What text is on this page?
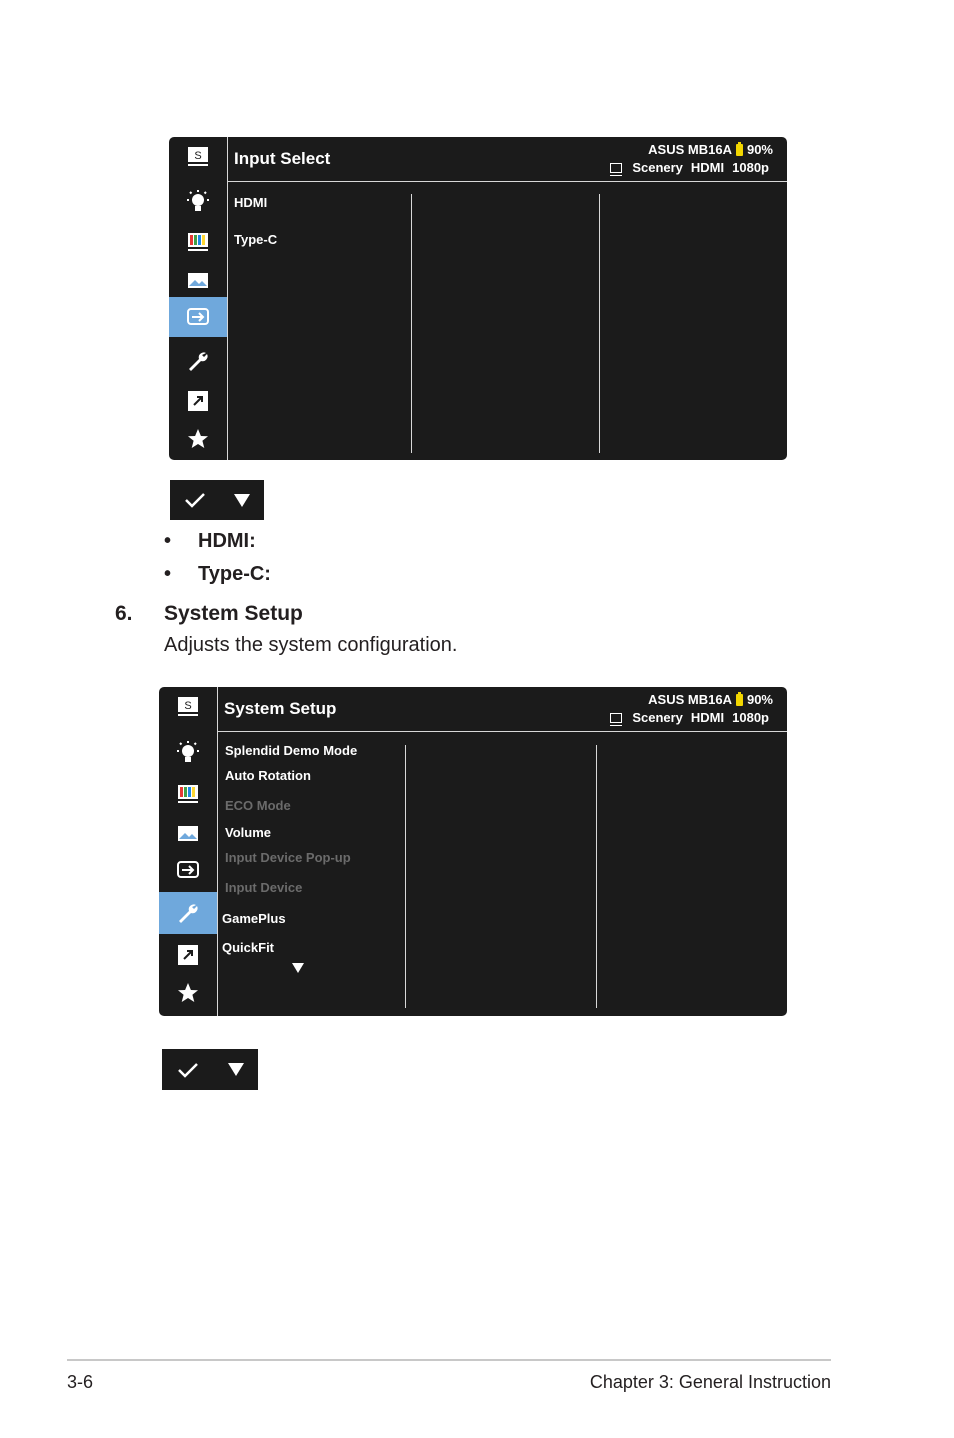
S Input Select	ASUS MB16A 90%
Scenery HDMI 1080p
HDMI
Type-C
• HDMI:
• Type-C:
6. System Setup
Adjusts the system configuration.
S System Setup	ASUS MB16A 90%
Scenery HDMI 1080p
Splendid Demo Mode
Auto Rotation
ECO Mode
Volume
Input Device Pop-up
Input Device
GamePlus
QuickFit
3-6	Chapter 3: General Instruction
